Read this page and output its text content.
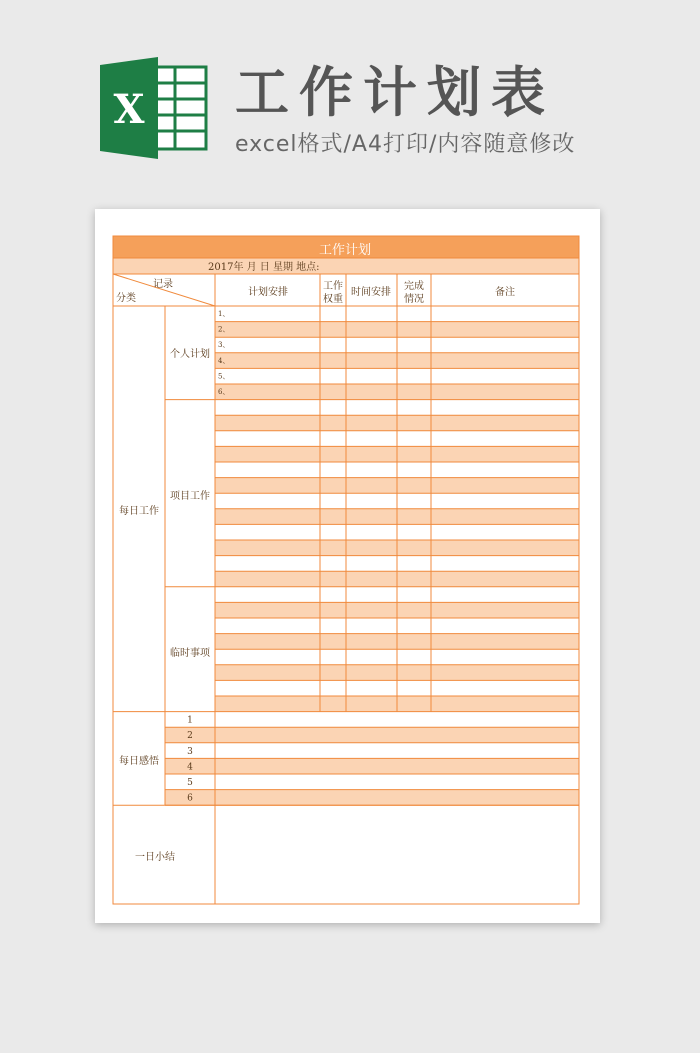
X 工作计划表
excel格式/A4打印/内容随意修改
工作计划
2017年 月 日 星期 地点:
记录
分类
计划安排
工作
权重
时间安排
完成
情况
备注
每日工作
个人计划
项目工作
临时事项
每日感悟
一日小结
1、
2、
3、
4、
5、
6、
1
2
3
4
5
6
